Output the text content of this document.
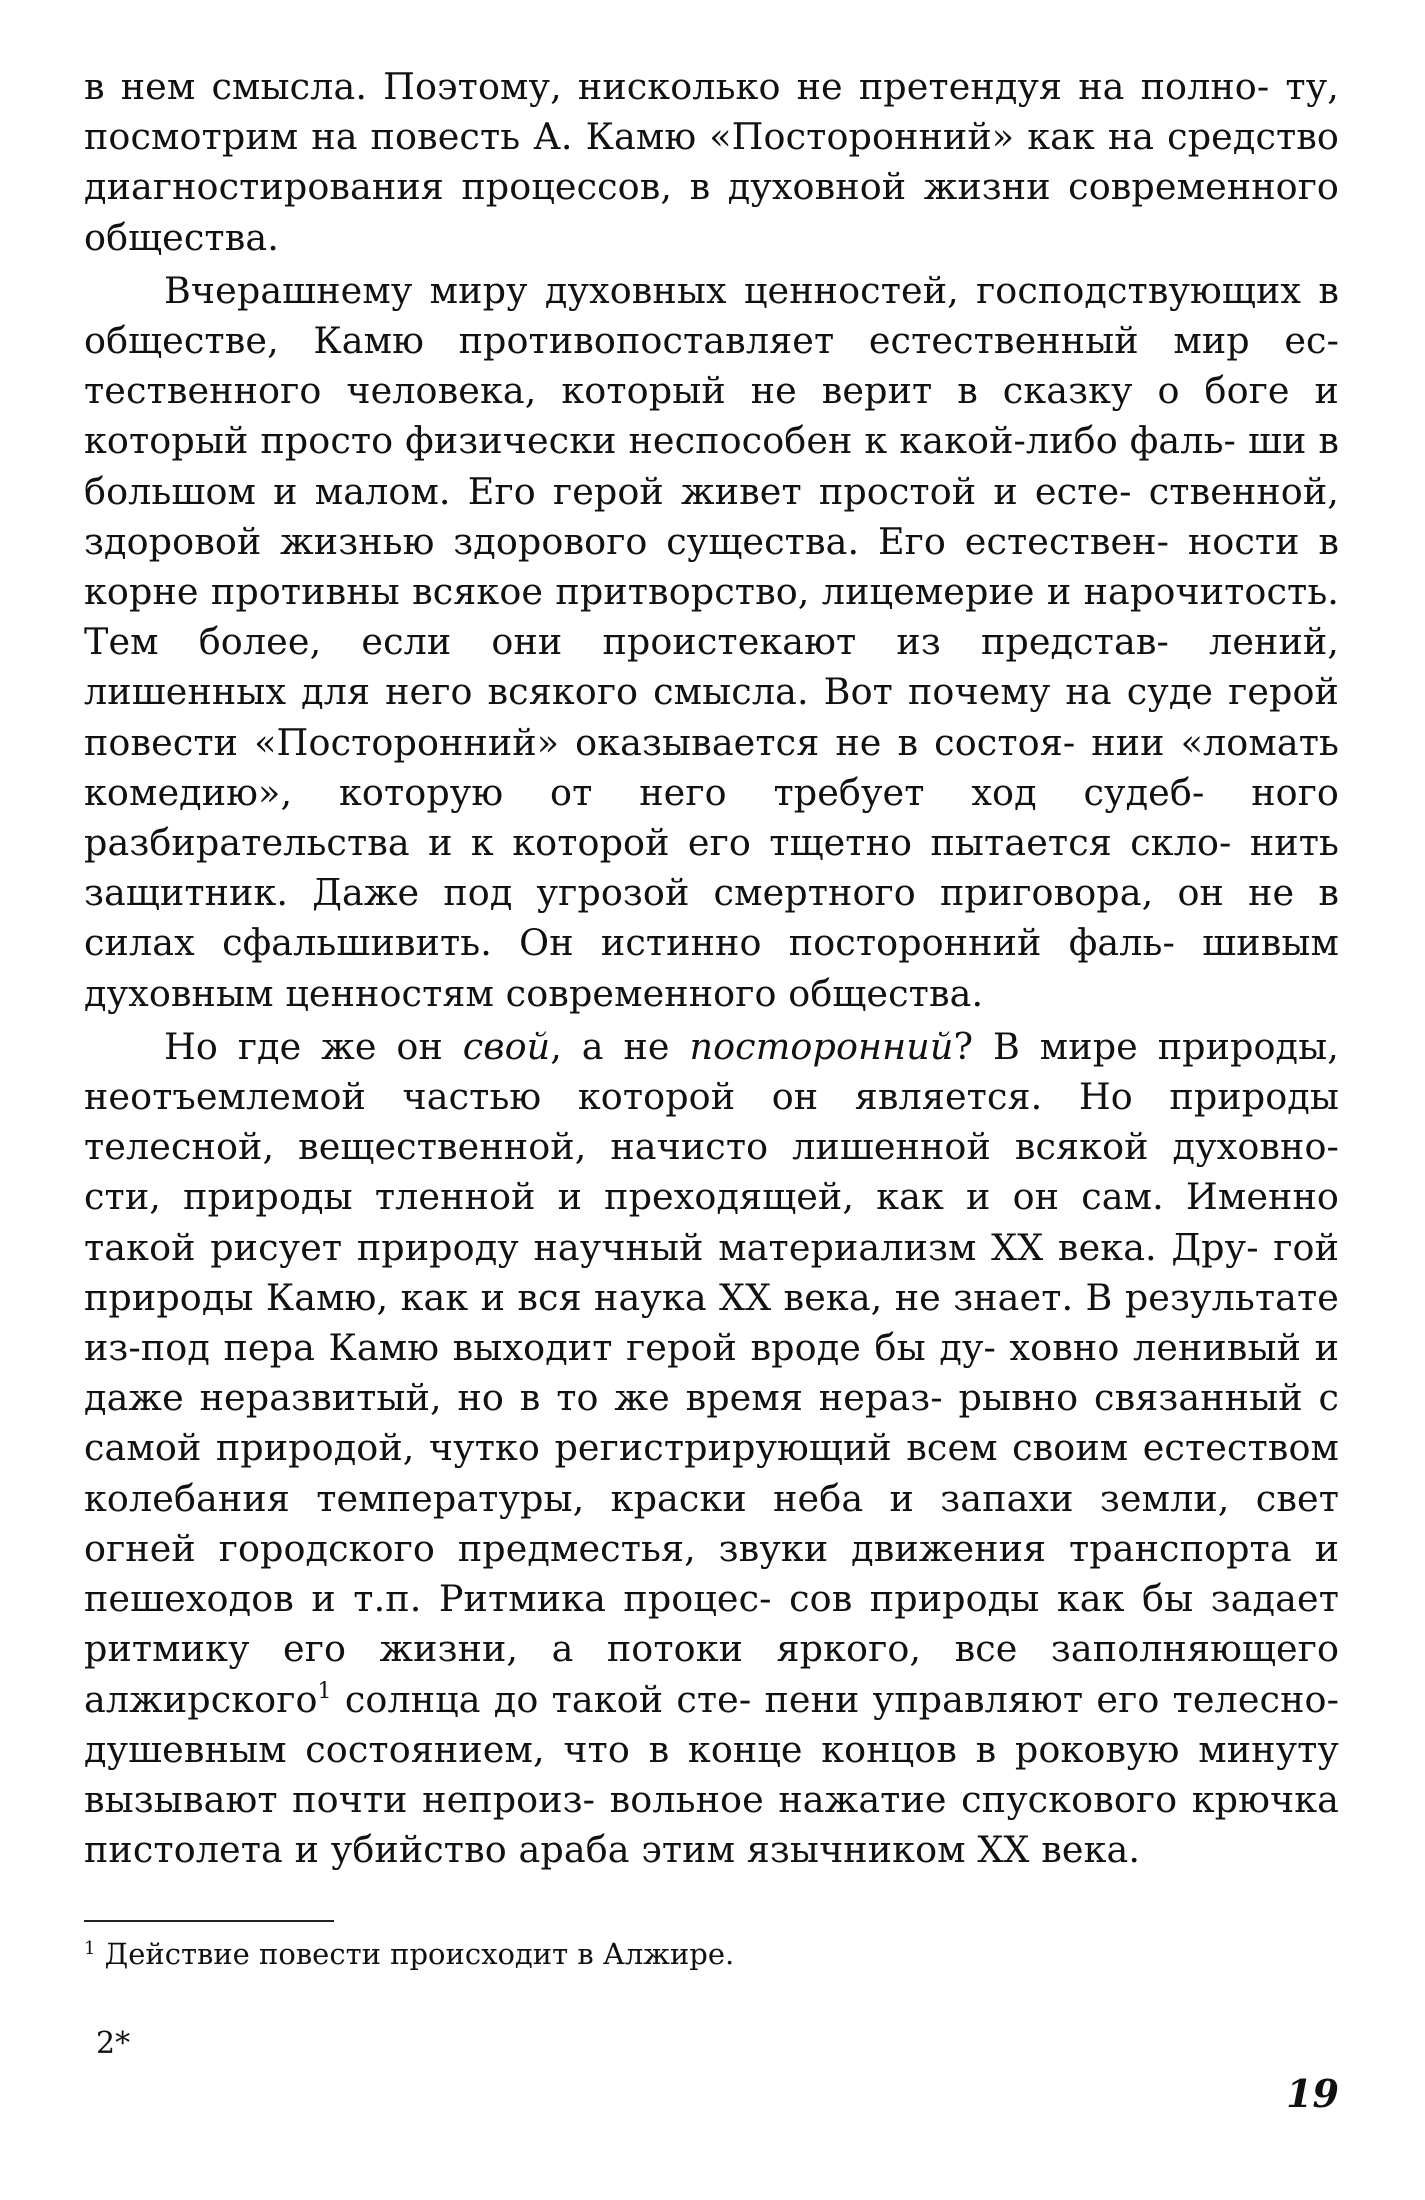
в нем смысла. Поэтому, нисколько не претендуя на полно- ту, посмотрим на повесть А. Камю «Посторонний» как на средство диагностирования процессов, в духовной жизни современного общества.

Вчерашнему миру духовных ценностей, господствующих в обществе, Камю противопоставляет естественный мир ес- тественного человека, который не верит в сказку о боге и который просто физически неспособен к какой-либо фаль- ши в большом и малом. Его герой живет простой и есте- ственной, здоровой жизнью здорового существа. Его естествен- ности в корне противны всякое притворство, лицемерие и нарочитость. Тем более, если они проистекают из представ- лений, лишенных для него всякого смысла. Вот почему на суде герой повести «Посторонний» оказывается не в состоя- нии «ломать комедию», которую от него требует ход судеб- ного разбирательства и к которой его тщетно пытается скло- нить защитник. Даже под угрозой смертного приговора, он не в силах сфальшивить. Он истинно посторонний фаль- шивым духовным ценностям современного общества.

Но где же он свой, а не посторонний? В мире природы, неотъемлемой частью которой он является. Но природы телесной, вещественной, начисто лишенной всякой духовно- сти, природы тленной и преходящей, как и он сам. Именно такой рисует природу научный материализм XX века. Дру- гой природы Камю, как и вся наука XX века, не знает. В результате из-под пера Камю выходит герой вроде бы ду- ховно ленивый и даже неразвитый, но в то же время нераз- рывно связанный с самой природой, чутко регистрирующий всем своим естеством колебания температуры, краски неба и запахи земли, свет огней городского предместья, звуки движения транспорта и пешеходов и т.п. Ритмика процес- сов природы как бы задает ритмику его жизни, а потоки яркого, все заполняющего алжирского$^1$ солнца до такой сте- пени управляют его телесно-душевным состоянием, что в конце концов в роковую минуту вызывают почти непроиз- вольное нажатие спускового крючка пистолета и убийство араба этим язычником XX века.

$^1$ Действие повести происходит в Алжире.
2*
19
